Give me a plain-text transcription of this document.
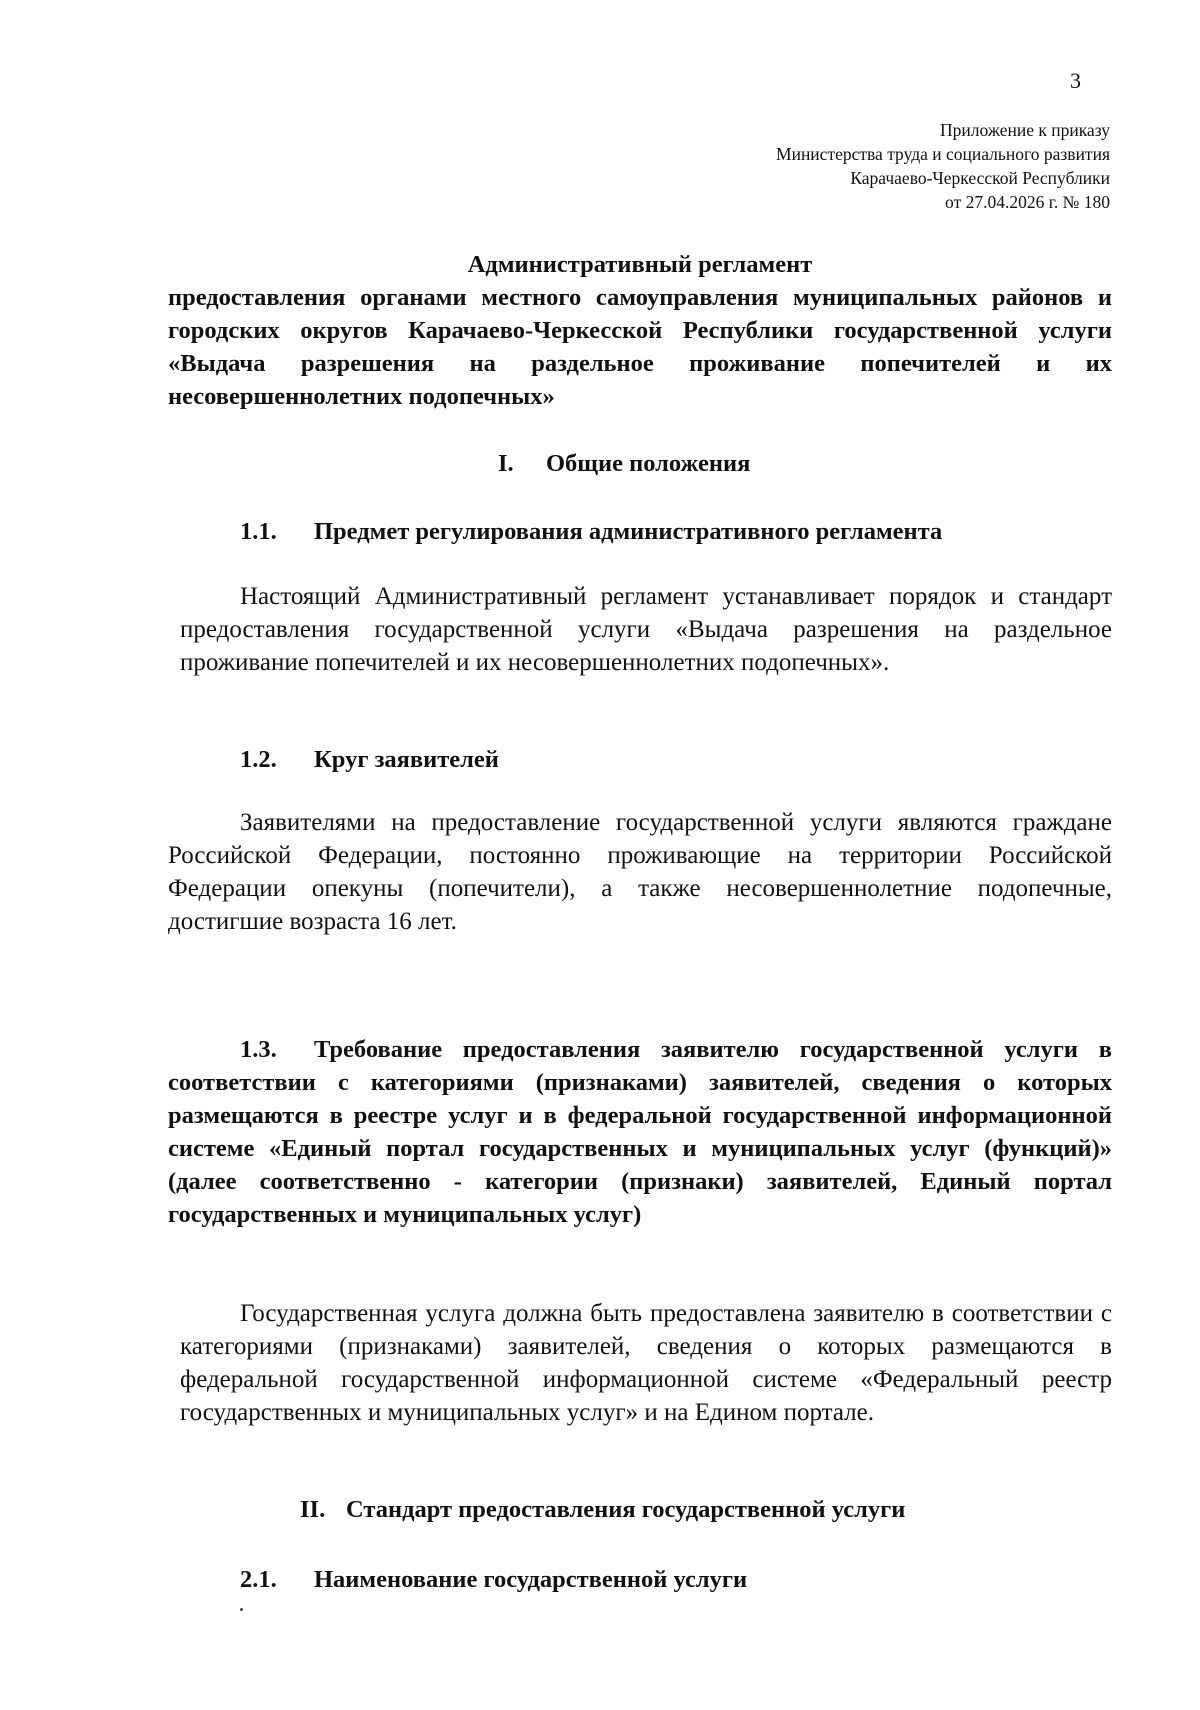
3
Приложение к приказу
Министерства труда и социального развития
Карачаево-Черкесской Республики
от 27.04.2026 г. № 180
Административный регламент
предоставления органами местного самоуправления муниципальных районов и городских округов Карачаево-Черкесской Республики государственной услуги «Выдача разрешения на раздельное проживание попечителей и их несовершеннолетних подопечных»
I. Общие положения
1.1. Предмет регулирования административного регламента
Настоящий Административный регламент устанавливает порядок и стандарт предоставления государственной услуги «Выдача разрешения на раздельное проживание попечителей и их несовершеннолетних подопечных».
1.2. Круг заявителей
Заявителями на предоставление государственной услуги являются граждане Российской Федерации, постоянно проживающие на территории Российской Федерации опекуны (попечители), а также несовершеннолетние подопечные, достигшие возраста 16 лет.
1.3. Требование предоставления заявителю государственной услуги в соответствии с категориями (признаками) заявителей, сведения о которых размещаются в реестре услуг и в федеральной государственной информационной системе «Единый портал государственных и муниципальных услуг (функций)» (далее соответственно - категории (признаки) заявителей, Единый портал государственных и муниципальных услуг)
Государственная услуга должна быть предоставлена заявителю в соответствии с категориями (признаками) заявителей, сведения о которых размещаются в федеральной государственной информационной системе «Федеральный реестр государственных и муниципальных услуг» и на Едином портале.
II. Стандарт предоставления государственной услуги
2.1. Наименование государственной услуги
